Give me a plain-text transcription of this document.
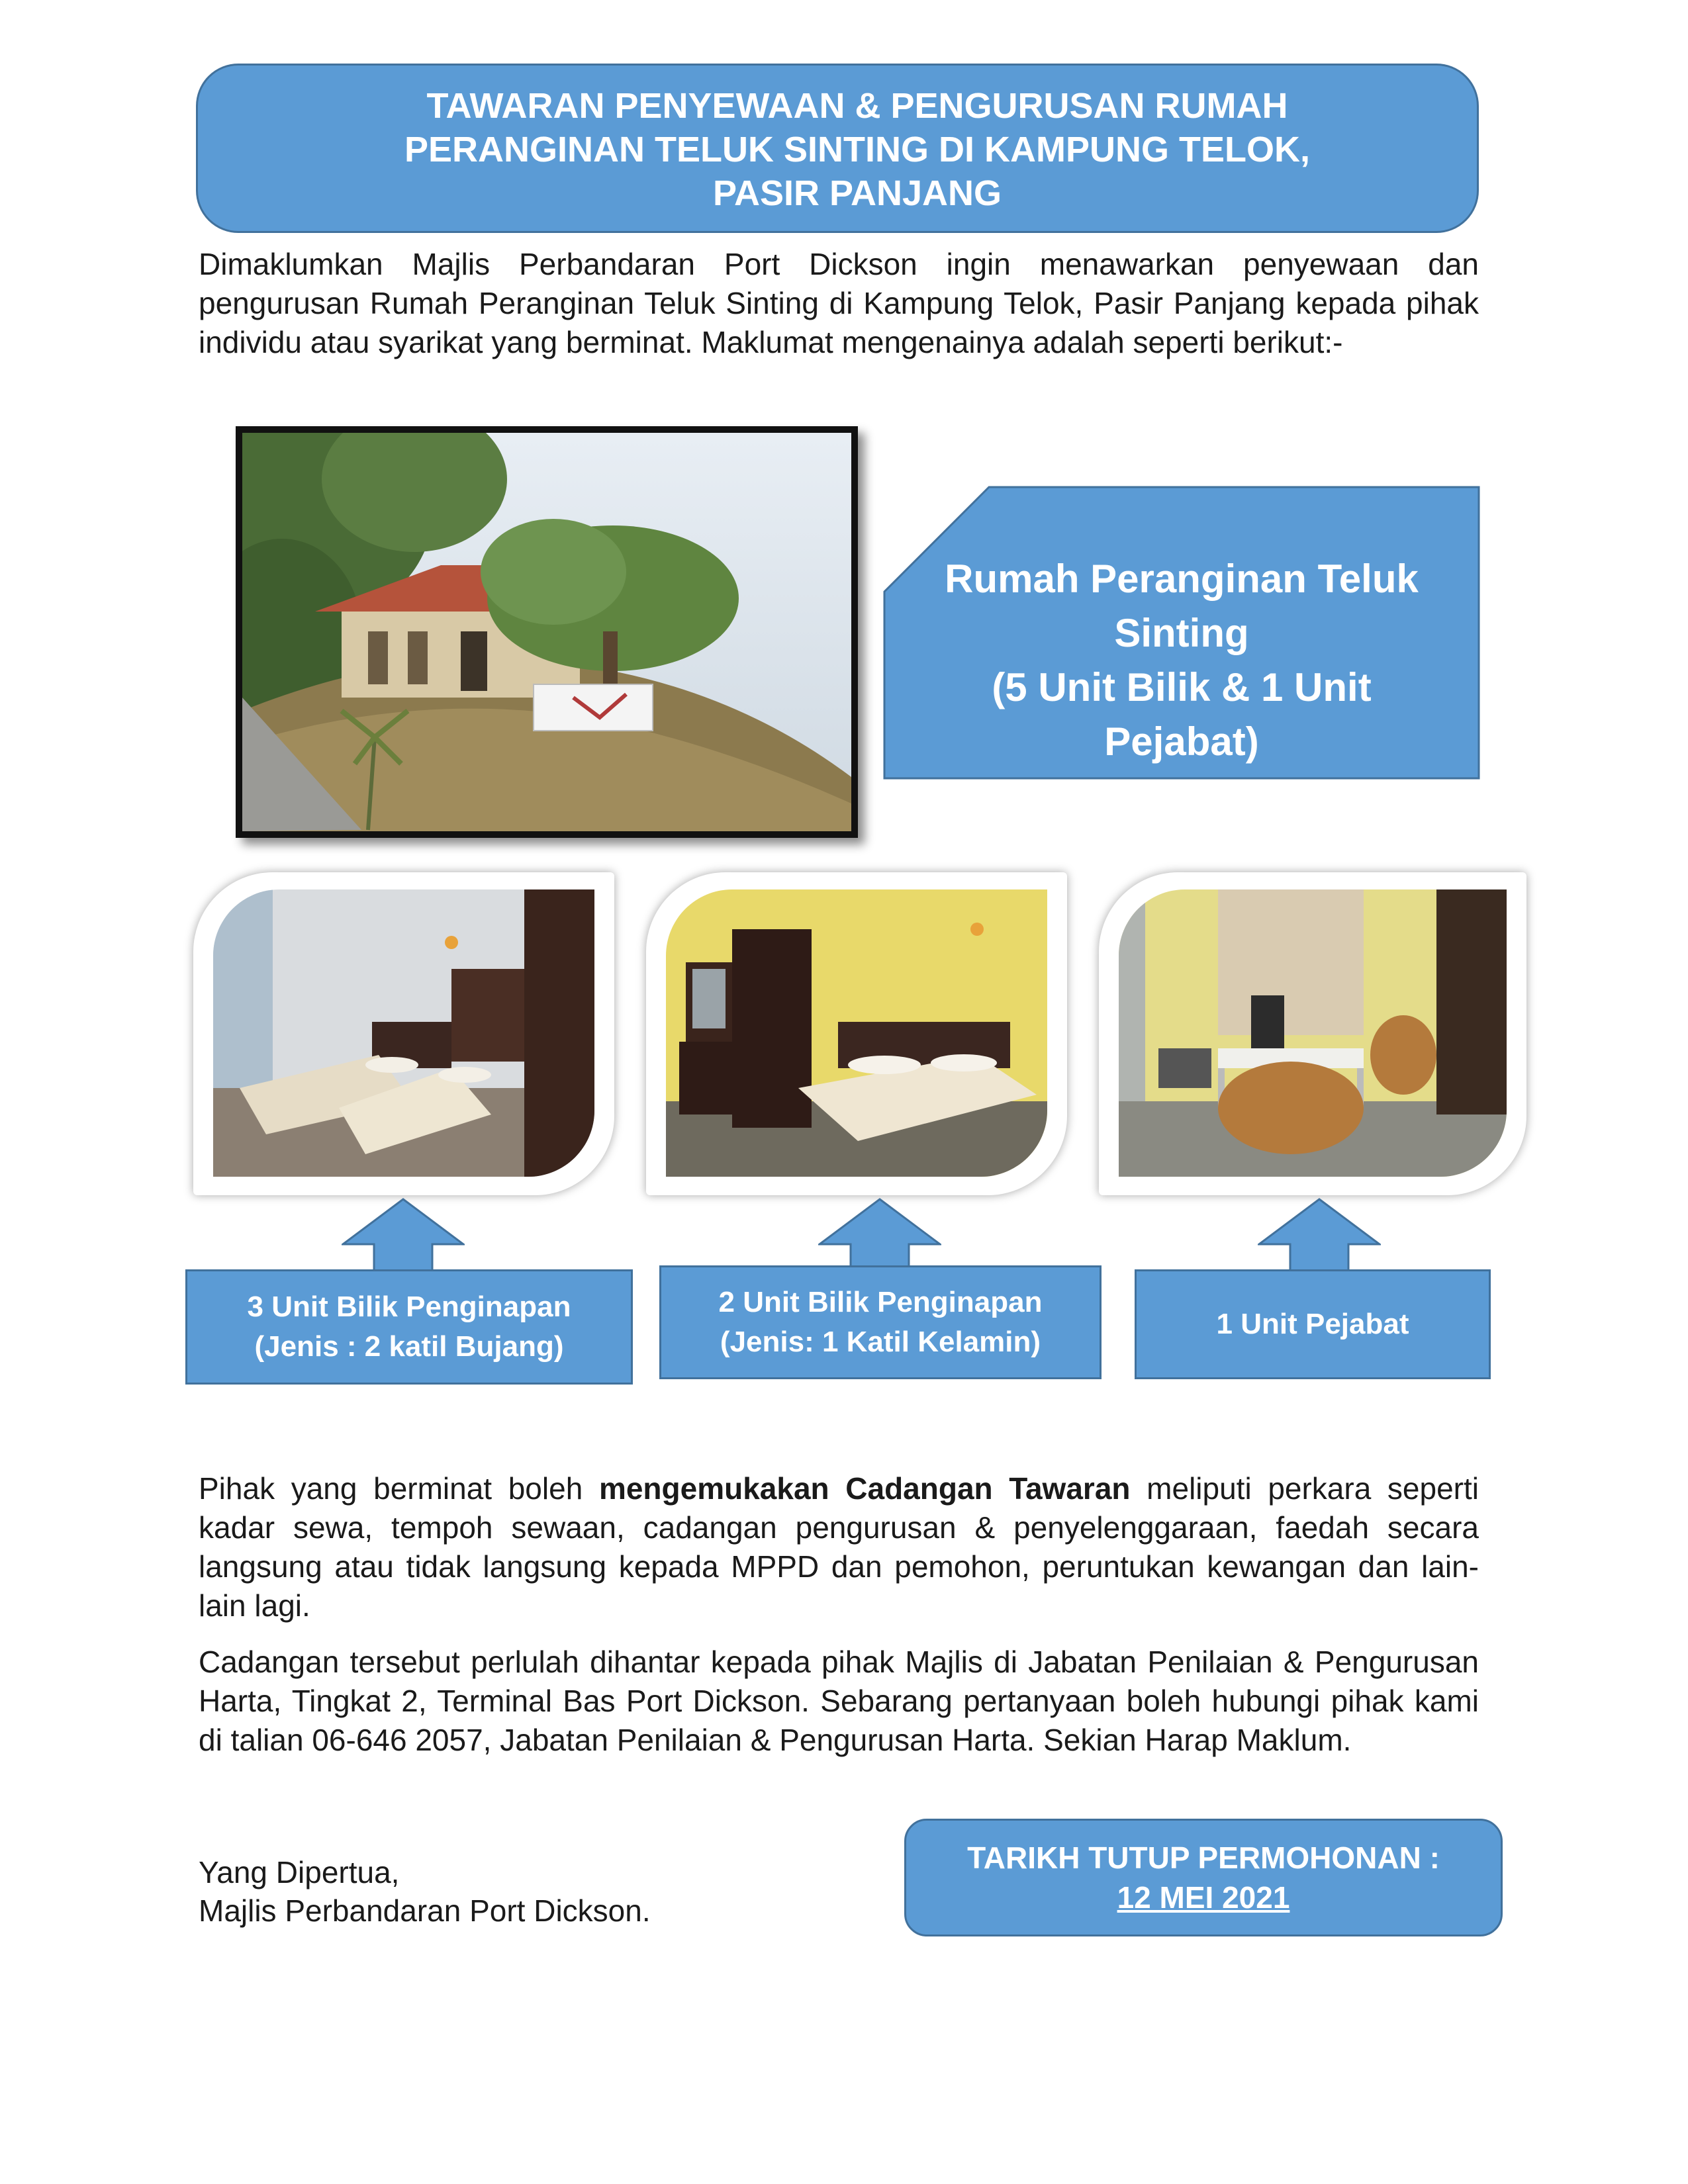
TAWARAN PENYEWAAN & PENGURUSAN RUMAH
PERANGINAN TELUK SINTING DI KAMPUNG TELOK,
PASIR PANJANG
Dimaklumkan Majlis Perbandaran Port Dickson ingin menawarkan penyewaan dan pengurusan Rumah Peranginan Teluk Sinting di Kampung Telok, Pasir Panjang kepada pihak individu atau syarikat yang berminat. Maklumat mengenainya adalah seperti berikut:-
Rumah Peranginan Teluk
Sinting
(5 Unit Bilik & 1 Unit
Pejabat)
3 Unit Bilik Penginapan
(Jenis : 2 katil Bujang)
2 Unit Bilik Penginapan
(Jenis: 1 Katil Kelamin)
1 Unit Pejabat
Pihak yang berminat boleh mengemukakan Cadangan Tawaran meliputi perkara seperti kadar sewa, tempoh sewaan, cadangan pengurusan & penyelenggaraan, faedah secara langsung atau tidak langsung kepada MPPD dan pemohon, peruntukan kewangan dan lain-lain lagi.
Cadangan tersebut perlulah dihantar kepada pihak Majlis di Jabatan Penilaian & Pengurusan Harta, Tingkat 2, Terminal Bas Port Dickson. Sebarang pertanyaan boleh hubungi pihak kami di talian 06-646 2057, Jabatan Penilaian & Pengurusan Harta. Sekian Harap Maklum.
TARIKH TUTUP PERMOHONAN :
12 MEI 2021
Yang Dipertua,
Majlis Perbandaran Port Dickson.
